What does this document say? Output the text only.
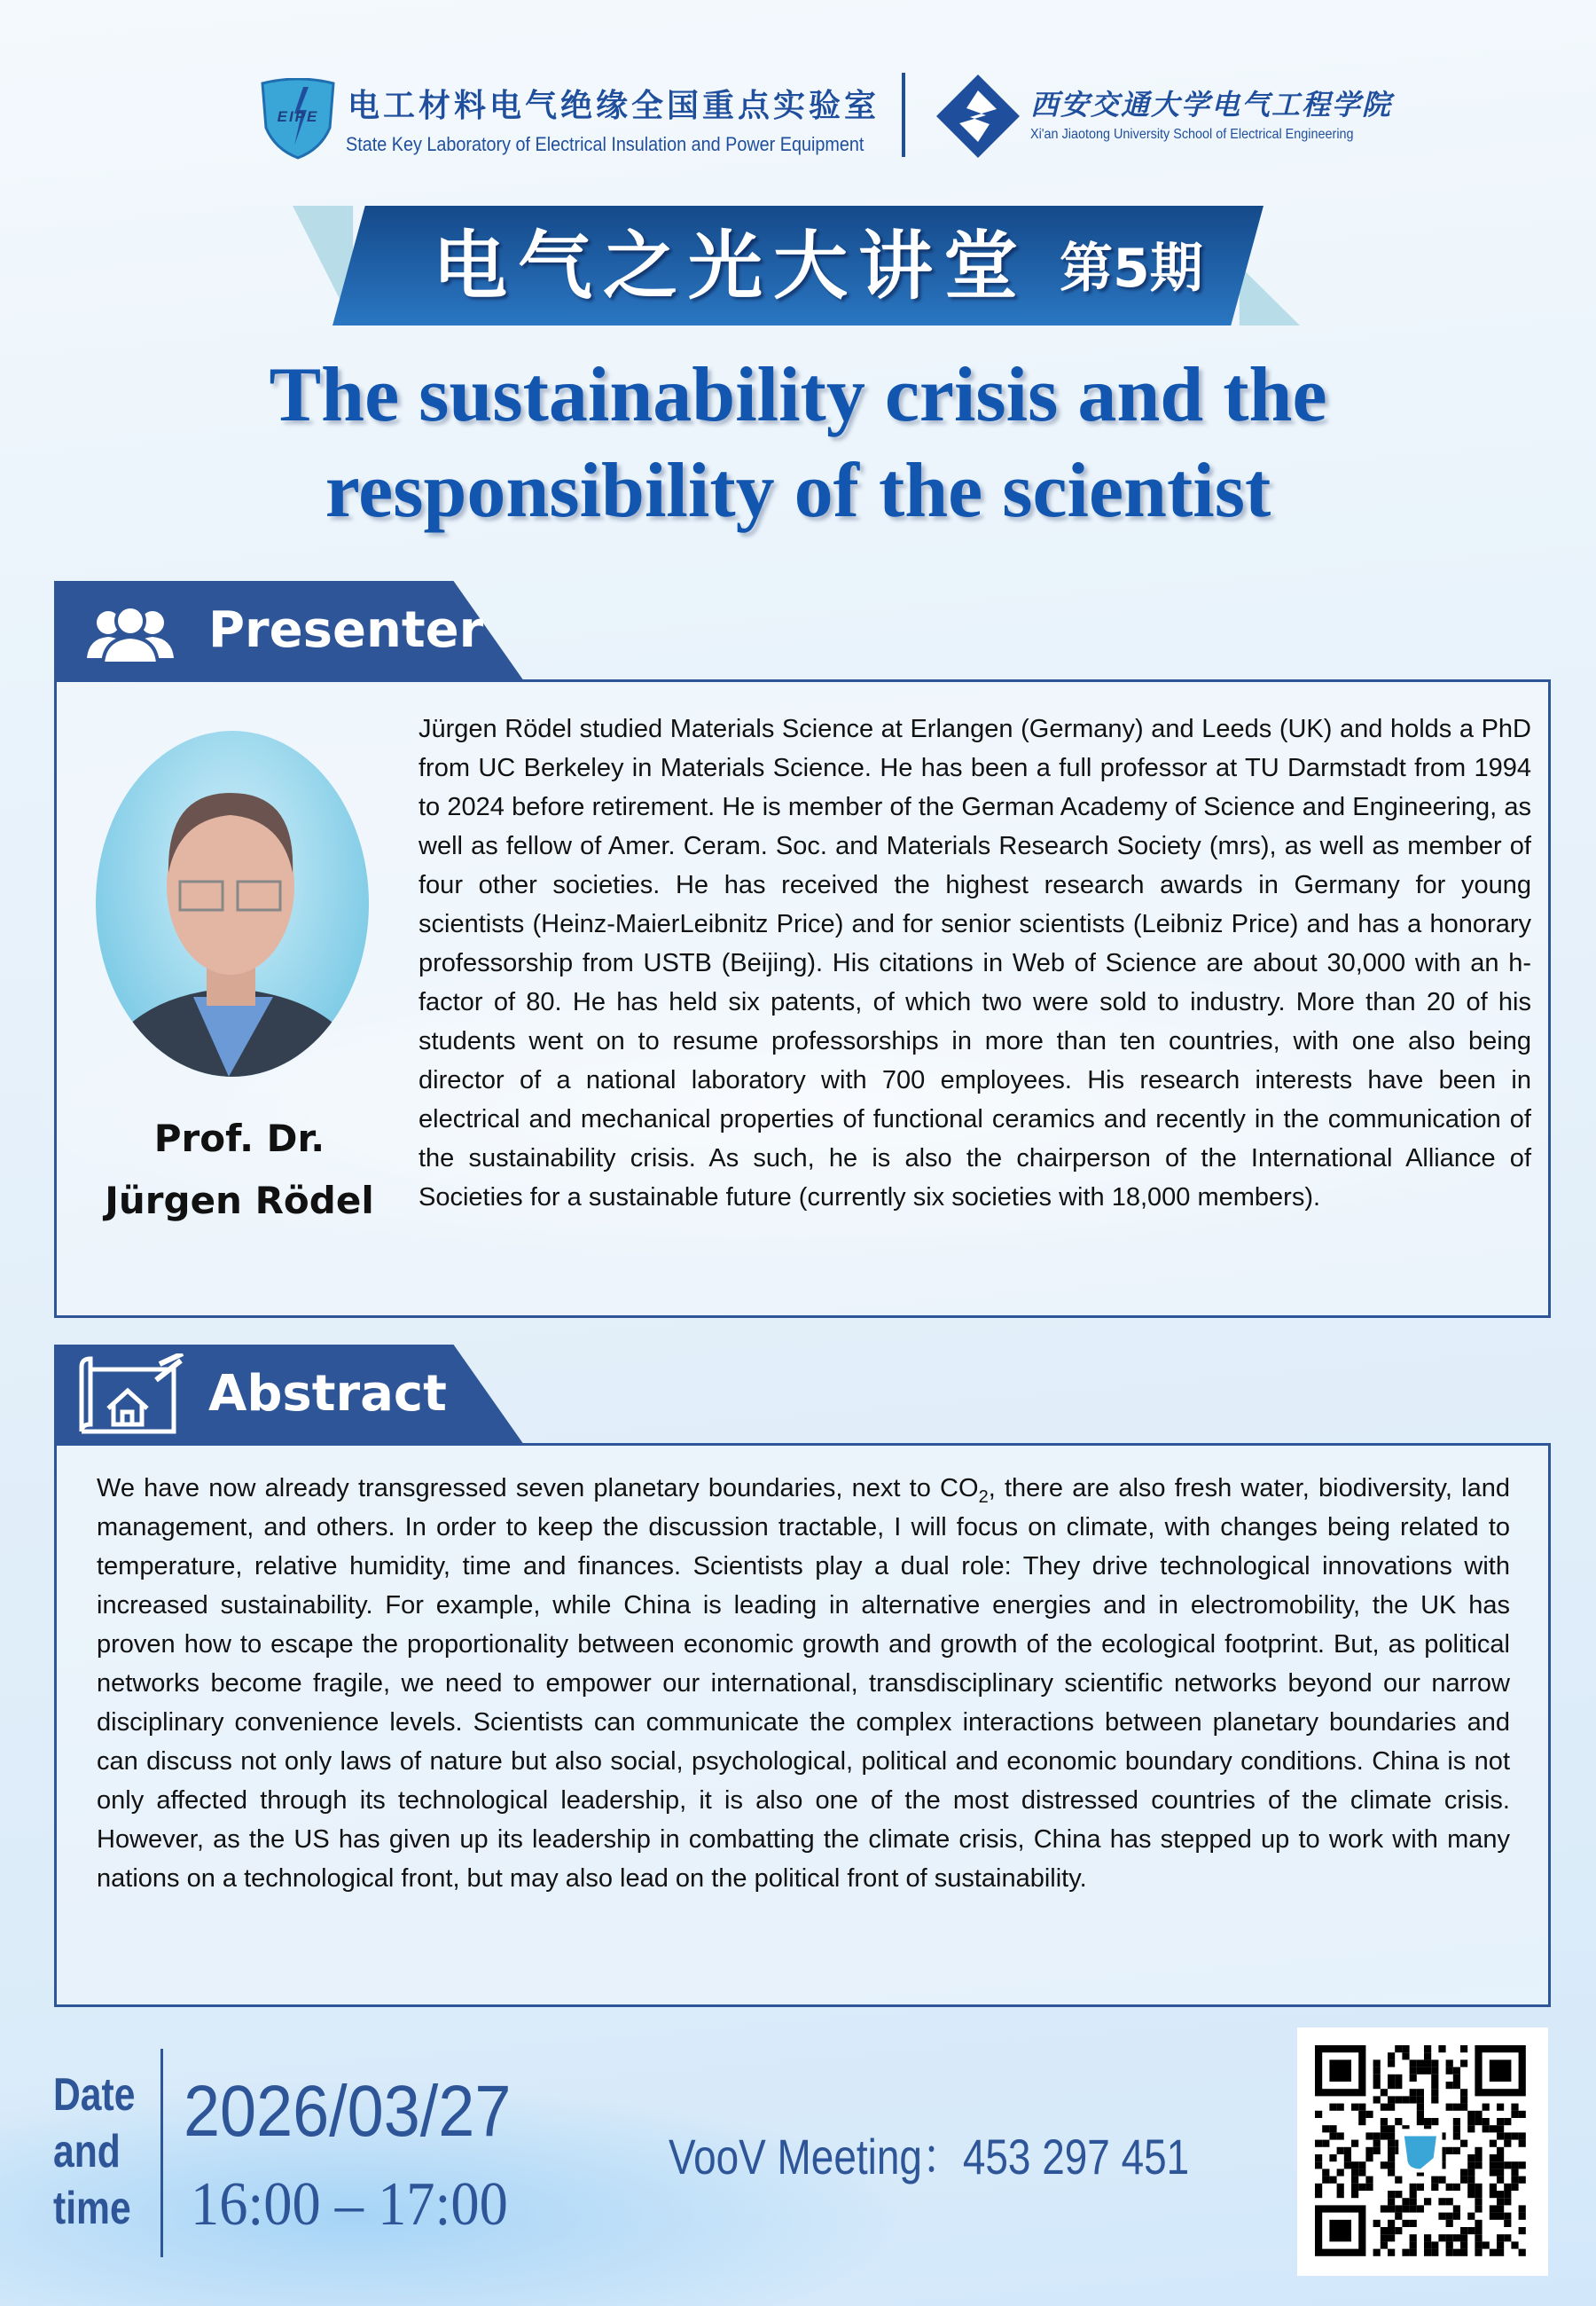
EIPE 电工材料电气绝缘全国重点实验室
State Key Laboratory of Electrical Insulation and Power Equipment
西安交通大学电气工程学院
Xi'an Jiaotong University School of Electrical Engineering
电气之光大讲堂 第5期
The sustainability crisis and the
responsibility of the scientist
Presenter
Prof. Dr.
Jürgen Rödel
Jürgen Rödel studied Materials Science at Erlangen (Germany) and Leeds (UK) and holds a PhD from UC Berkeley in Materials Science. He has been a full professor at TU Darmstadt from 1994 to 2024 before retirement. He is member of the German Academy of Science and Engineering, as well as fellow of Amer. Ceram. Soc. and Materials Research Society (mrs), as well as member of four other societies. He has received the highest research awards in Germany for young scientists (Heinz-MaierLeibnitz Price) and for senior scientists (Leibniz Price) and has a honorary professorship from USTB (Beijing). His citations in Web of Science are about 30,000 with an h-factor of 80. He has held six patents, of which two were sold to industry. More than 20 of his students went on to resume professorships in more than ten countries, with one also being director of a national laboratory with 700 employees. His research interests have been in electrical and mechanical properties of functional ceramics and recently in the communication of the sustainability crisis. As such, he is also the chairperson of the International Alliance of Societies for a sustainable future (currently six societies with 18,000 members).
Abstract
We have now already transgressed seven planetary boundaries, next to $CO_2$, there are also fresh water, biodiversity, land management, and others. In order to keep the discussion tractable, I will focus on climate, with changes being related to temperature, relative humidity, time and finances. Scientists play a dual role: They drive technological innovations with increased sustainability. For example, while China is leading in alternative energies and in electromobility, the UK has proven how to escape the proportionality between economic growth and growth of the ecological footprint. But, as political networks become fragile, we need to empower our international, transdisciplinary scientific networks beyond our narrow disciplinary convenience levels. Scientists can communicate the complex interactions between planetary boundaries and can discuss not only laws of nature but also social, psychological, political and economic boundary conditions. China is not only affected through its technological leadership, it is also one of the most distressed countries of the climate crisis. However, as the US has given up its leadership in combatting the climate crisis, China has stepped up to work with many nations on a technological front, but may also lead on the political front of sustainability.
Date
and
time
2026/03/27
16:00 – 17:00
VooV Meeting：453 297 451
